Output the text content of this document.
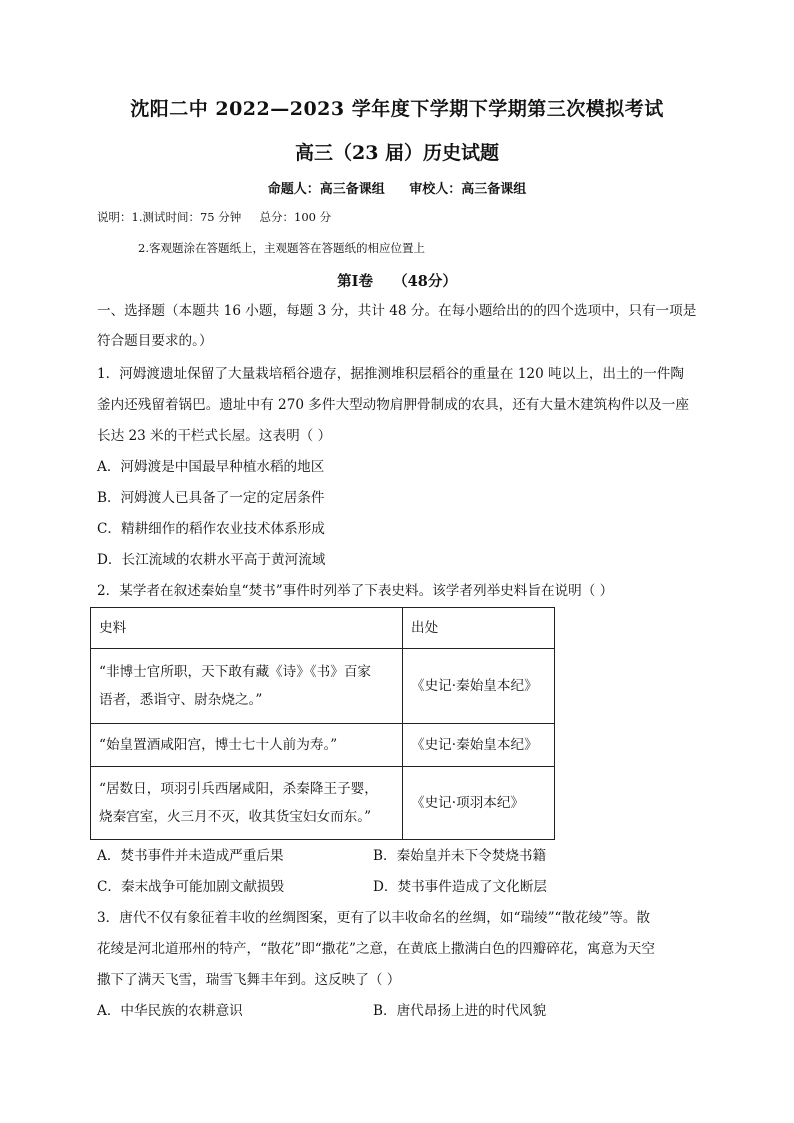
沈阳二中 2022—2023 学年度下学期下学期第三次模拟考试
高三（23 届）历史试题
命题人：高三备课组 审校人：高三备课组
说明：1.测试时间：75 分钟     总分：100 分
2.客观题涂在答题纸上，主观题答在答题纸的相应位置上
第Ⅰ卷    （48分）
一、选择题（本题共 16 小题，每题 3 分，共计 48 分。在每小题给出的的四个选项中，只有一项是
符合题目要求的。）
1．河姆渡遗址保留了大量栽培稻谷遗存，据推测堆积层稻谷的重量在 120 吨以上，出土的一件陶
釜内还残留着锅巴。遗址中有 270 多件大型动物肩胛骨制成的农具，还有大量木建筑构件以及一座
长达 23 米的干栏式长屋。这表明（ ）
A．河姆渡是中国最早种植水稻的地区
B．河姆渡人已具备了一定的定居条件
C．精耕细作的稻作农业技术体系形成
D．长江流域的农耕水平高于黄河流域
2．某学者在叙述秦始皇“焚书”事件时列举了下表史料。该学者列举史料旨在说明（ ）
史料	出处

“非博士官所职，天下敢有藏《诗》《书》百家
语者，悉诣守、尉杂烧之。”	《史记·秦始皇本纪》
“始皇置酒咸阳宫，博士七十人前为寿。”	《史记·秦始皇本纪》

“居数日，项羽引兵西屠咸阳，杀秦降王子婴，
烧秦宫室，火三月不灭，收其货宝妇女而东。”	《史记·项羽本纪》
A．焚书事件并未造成严重后果	B．秦始皇并未下令焚烧书籍
C．秦末战争可能加剧文献损毁	D．焚书事件造成了文化断层
3．唐代不仅有象征着丰收的丝绸图案，更有了以丰收命名的丝绸，如“瑞绫”“散花绫”等。散
花绫是河北道邢州的特产，“散花”即“撒花”之意，在黄底上撒满白色的四瓣碎花，寓意为天空
撒下了满天飞雪，瑞雪飞舞丰年到。这反映了（ ）
A．中华民族的农耕意识	B．唐代昂扬上进的时代风貌
